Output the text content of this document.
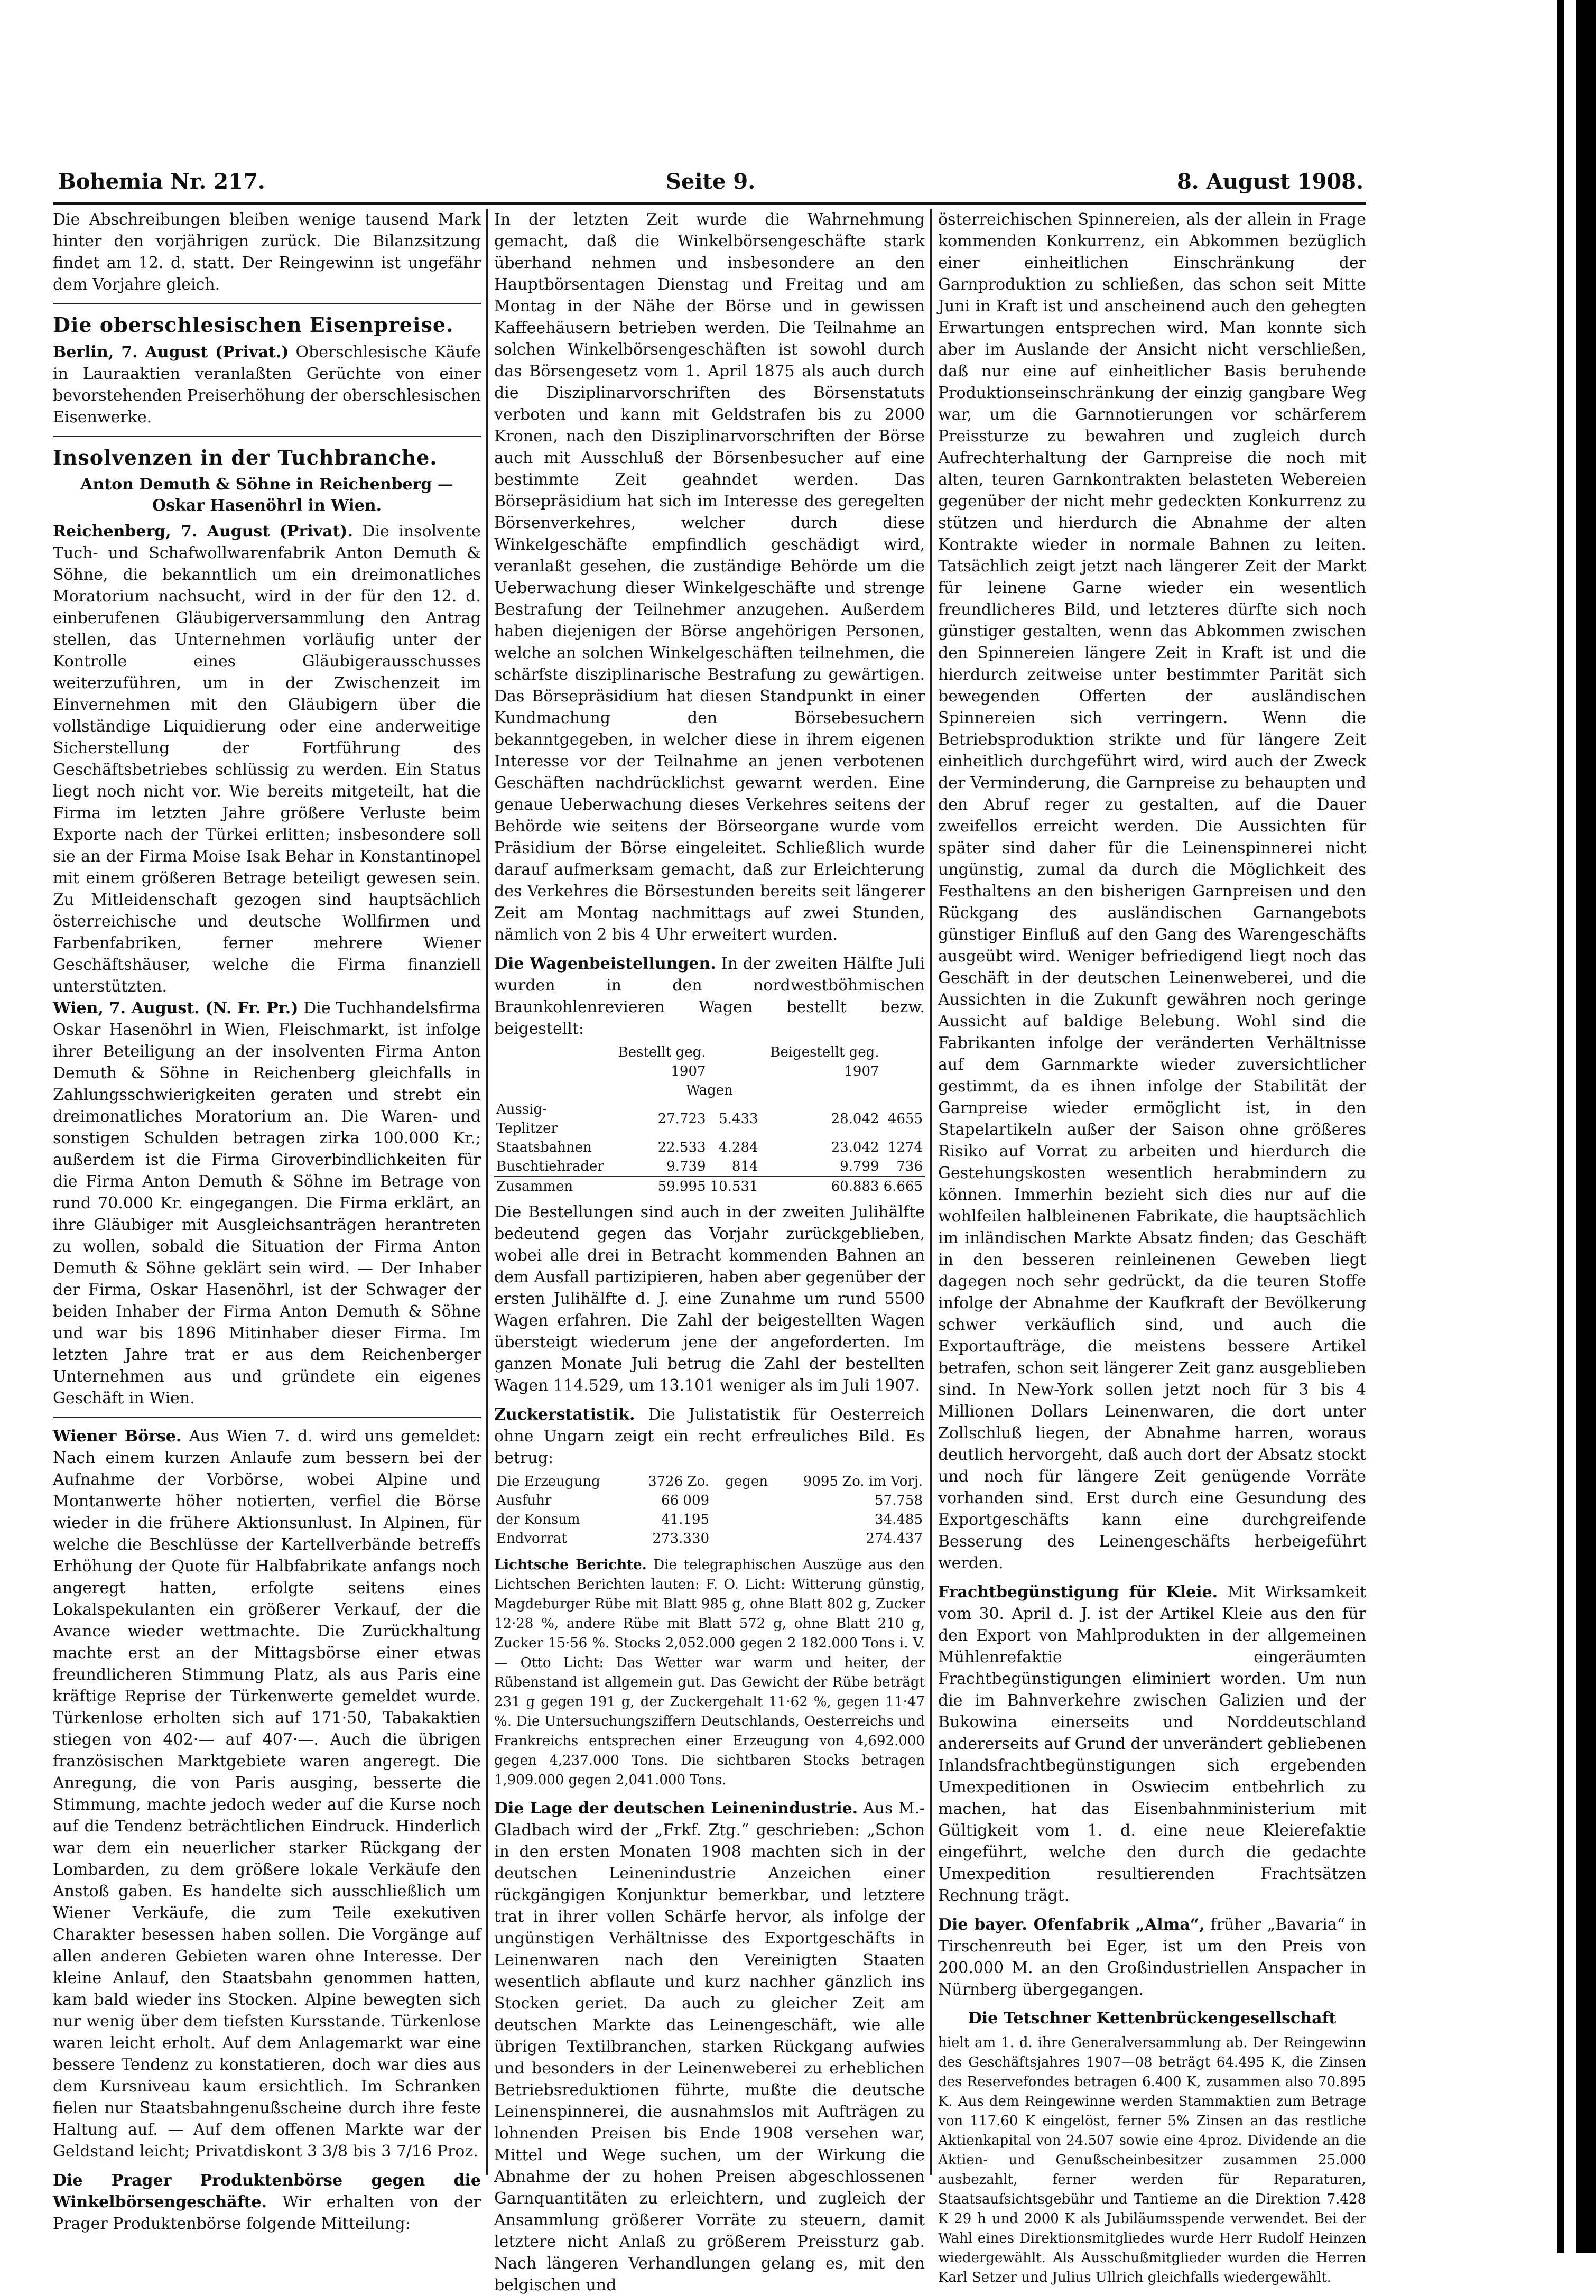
Bohemia Nr. 217.	Seite 9.	8. August 1908.

Die Abschreibungen bleiben wenige tausend Mark hinter den vorjährigen zurück. Die Bilanzsitzung findet am 12. d. statt. Der Reingewinn ist ungefähr dem Vorjahre gleich.

Die oberschlesischen Eisenpreise.

Berlin, 7. August (Privat.) Oberschlesische Käufe in Lauraaktien veranlaßten Gerüchte von einer bevorstehenden Preiserhöhung der oberschlesischen Eisenwerke.

Insolvenzen in der Tuchbranche.
Anton Demuth & Söhne in Reichenberg — Oskar Hasenöhrl in Wien.

Reichenberg, 7. August (Privat). Die insolvente Tuch- und Schafwollwarenfabrik Anton Demuth & Söhne, die bekanntlich um ein dreimonatliches Moratorium nachsucht, wird in der für den 12. d. einberufenen Gläubigerversammlung den Antrag stellen, das Unternehmen vorläufig unter der Kontrolle eines Gläubigerausschusses weiterzuführen, um in der Zwischenzeit im Einvernehmen mit den Gläubigern über die vollständige Liquidierung oder eine anderweitige Sicherstellung der Fortführung des Geschäftsbetriebes schlüssig zu werden. Ein Status liegt noch nicht vor. Wie bereits mitgeteilt, hat die Firma im letzten Jahre größere Verluste beim Exporte nach der Türkei erlitten; insbesondere soll sie an der Firma Moise Isak Behar in Konstantinopel mit einem größeren Betrage beteiligt gewesen sein. Zu Mitleidenschaft gezogen sind hauptsächlich österreichische und deutsche Wollfirmen und Farbenfabriken, ferner mehrere Wiener Geschäftshäuser, welche die Firma finanziell unterstützten.

Wien, 7. August. (N. Fr. Pr.) Die Tuchhandelsfirma Oskar Hasenöhrl in Wien, Fleischmarkt, ist infolge ihrer Beteiligung an der insolventen Firma Anton Demuth & Söhne in Reichenberg gleichfalls in Zahlungsschwierigkeiten geraten und strebt ein dreimonatliches Moratorium an. Die Waren- und sonstigen Schulden betragen zirka 100.000 Kr.; außerdem ist die Firma Giroverbindlichkeiten für die Firma Anton Demuth & Söhne im Betrage von rund 70.000 Kr. eingegangen. Die Firma erklärt, an ihre Gläubiger mit Ausgleichsanträgen herantreten zu wollen, sobald die Situation der Firma Anton Demuth & Söhne geklärt sein wird. — Der Inhaber der Firma, Oskar Hasenöhrl, ist der Schwager der beiden Inhaber der Firma Anton Demuth & Söhne und war bis 1896 Mitinhaber dieser Firma. Im letzten Jahre trat er aus dem Reichenberger Unternehmen aus und gründete ein eigenes Geschäft in Wien.

Wiener Börse. Aus Wien 7. d. wird uns gemeldet: Nach einem kurzen Anlaufe zum bessern bei der Aufnahme der Vorbörse, wobei Alpine und Montanwerte höher notierten, verfiel die Börse wieder in die frühere Aktionsunlust. In Alpinen, für welche die Beschlüsse der Kartellverbände betreffs Erhöhung der Quote für Halbfabrikate anfangs noch angeregt hatten, erfolgte seitens eines Lokalspekulanten ein größerer Verkauf, der die Avance wieder wettmachte. Die Zurückhaltung machte erst an der Mittagsbörse einer etwas freundlicheren Stimmung Platz, als aus Paris eine kräftige Reprise der Türkenwerte gemeldet wurde. Türkenlose erholten sich auf 171·50, Tabakaktien stiegen von 402·— auf 407·—. Auch die übrigen französischen Marktgebiete waren angeregt. Die Anregung, die von Paris ausging, besserte die Stimmung, machte jedoch weder auf die Kurse noch auf die Tendenz beträchtlichen Eindruck. Hinderlich war dem ein neuerlicher starker Rückgang der Lombarden, zu dem größere lokale Verkäufe den Anstoß gaben. Es handelte sich ausschließlich um Wiener Verkäufe, die zum Teile exekutiven Charakter besessen haben sollen. Die Vorgänge auf allen anderen Gebieten waren ohne Interesse. Der kleine Anlauf, den Staatsbahn genommen hatten, kam bald wieder ins Stocken. Alpine bewegten sich nur wenig über dem tiefsten Kursstande. Türkenlose waren leicht erholt. Auf dem Anlagemarkt war eine bessere Tendenz zu konstatieren, doch war dies aus dem Kursniveau kaum ersichtlich. Im Schranken fielen nur Staatsbahngenußscheine durch ihre feste Haltung auf. — Auf dem offenen Markte war der Geldstand leicht; Privatdiskont 3 3/8 bis 3 7/16 Proz.

Die Prager Produktenbörse gegen die Winkelbörsengeschäfte. Wir erhalten von der Prager Produktenbörse folgende Mitteilung:

In der letzten Zeit wurde die Wahrnehmung gemacht, daß die Winkelbörsengeschäfte stark überhand nehmen und insbesondere an den Hauptbörsentagen Dienstag und Freitag und am Montag in der Nähe der Börse und in gewissen Kaffeehäusern betrieben werden. Die Teilnahme an solchen Winkelbörsengeschäften ist sowohl durch das Börsengesetz vom 1. April 1875 als auch durch die Disziplinarvorschriften des Börsenstatuts verboten und kann mit Geldstrafen bis zu 2000 Kronen, nach den Disziplinarvorschriften der Börse auch mit Ausschluß der Börsenbesucher auf eine bestimmte Zeit geahndet werden. Das Börsepräsidium hat sich im Interesse des geregelten Börsenverkehres, welcher durch diese Winkelgeschäfte empfindlich geschädigt wird, veranlaßt gesehen, die zuständige Behörde um die Ueberwachung dieser Winkelgeschäfte und strenge Bestrafung der Teilnehmer anzugehen. Außerdem haben diejenigen der Börse angehörigen Personen, welche an solchen Winkelgeschäften teilnehmen, die schärfste disziplinarische Bestrafung zu gewärtigen. Das Börsepräsidium hat diesen Standpunkt in einer Kundmachung den Börsebesuchern bekanntgegeben, in welcher diese in ihrem eigenen Interesse vor der Teilnahme an jenen verbotenen Geschäften nachdrücklichst gewarnt werden. Eine genaue Ueberwachung dieses Verkehres seitens der Behörde wie seitens der Börseorgane wurde vom Präsidium der Börse eingeleitet. Schließlich wurde darauf aufmerksam gemacht, daß zur Erleichterung des Verkehres die Börsestunden bereits seit längerer Zeit am Montag nachmittags auf zwei Stunden, nämlich von 2 bis 4 Uhr erweitert wurden.

Die Wagenbeistellungen. In der zweiten Hälfte Juli wurden in den nordwestböhmischen Braunkohlenrevieren Wagen bestellt bezw. beigestellt:

	Bestellt geg. 1907		Beigestellt geg. 1907	
Wagen				
Aussig-Teplitzer	27.723	5.433	28.042	4655
Staatsbahnen	22.533	4.284	23.042	1274
Buschtiehrader	9.739	814	9.799	736
Zusammen	59.995	10.531	60.883	6.665

Die Bestellungen sind auch in der zweiten Julihälfte bedeutend gegen das Vorjahr zurückgeblieben, wobei alle drei in Betracht kommenden Bahnen an dem Ausfall partizipieren, haben aber gegenüber der ersten Julihälfte d. J. eine Zunahme um rund 5500 Wagen erfahren. Die Zahl der beigestellten Wagen übersteigt wiederum jene der angeforderten. Im ganzen Monate Juli betrug die Zahl der bestellten Wagen 114.529, um 13.101 weniger als im Juli 1907.

Zuckerstatistik. Die Julistatistik für Oesterreich ohne Ungarn zeigt ein recht erfreuliches Bild. Es betrug:

Die Erzeugung	3726 Zo.	gegen	9095 Zo. im Vorj.
Ausfuhr	66 009		57.758
der Konsum	41.195		34.485
Endvorrat	273.330		274.437

Lichtsche Berichte. Die telegraphischen Auszüge aus den Lichtschen Berichten lauten: F. O. Licht: Witterung günstig, Magdeburger Rübe mit Blatt 985 g, ohne Blatt 802 g, Zucker 12·28 %, andere Rübe mit Blatt 572 g, ohne Blatt 210 g, Zucker 15·56 %. Stocks 2,052.000 gegen 2 182.000 Tons i. V. — Otto Licht: Das Wetter war warm und heiter, der Rübenstand ist allgemein gut. Das Gewicht der Rübe beträgt 231 g gegen 191 g, der Zuckergehalt 11·62 %, gegen 11·47 %. Die Untersuchungsziffern Deutschlands, Oesterreichs und Frankreichs entsprechen einer Erzeugung von 4,692.000 gegen 4,237.000 Tons. Die sichtbaren Stocks betragen 1,909.000 gegen 2,041.000 Tons.

Die Lage der deutschen Leinenindustrie. Aus M.-Gladbach wird der „Frkf. Ztg.“ geschrieben: „Schon in den ersten Monaten 1908 machten sich in der deutschen Leinenindustrie Anzeichen einer rückgängigen Konjunktur bemerkbar, und letztere trat in ihrer vollen Schärfe hervor, als infolge der ungünstigen Verhältnisse des Exportgeschäfts in Leinenwaren nach den Vereinigten Staaten wesentlich abflaute und kurz nachher gänzlich ins Stocken geriet. Da auch zu gleicher Zeit am deutschen Markte das Leinengeschäft, wie alle übrigen Textilbranchen, starken Rückgang aufwies und besonders in der Leinenweberei zu erheblichen Betriebsreduktionen führte, mußte die deutsche Leinenspinnerei, die ausnahmslos mit Aufträgen zu lohnenden Preisen bis Ende 1908 versehen war, Mittel und Wege suchen, um der Wirkung die Abnahme der zu hohen Preisen abgeschlossenen Garnquantitäten zu erleichtern, und zugleich der Ansammlung größerer Vorräte zu steuern, damit letztere nicht Anlaß zu größerem Preissturz gab. Nach längeren Verhandlungen gelang es, mit den belgischen und

österreichischen Spinnereien, als der allein in Frage kommenden Konkurrenz, ein Abkommen bezüglich einer einheitlichen Einschränkung der Garnproduktion zu schließen, das schon seit Mitte Juni in Kraft ist und anscheinend auch den gehegten Erwartungen entsprechen wird. Man konnte sich aber im Auslande der Ansicht nicht verschließen, daß nur eine auf einheitlicher Basis beruhende Produktionseinschränkung der einzig gangbare Weg war, um die Garnnotierungen vor schärferem Preissturze zu bewahren und zugleich durch Aufrechterhaltung der Garnpreise die noch mit alten, teuren Garnkontrakten belasteten Webereien gegenüber der nicht mehr gedeckten Konkurrenz zu stützen und hierdurch die Abnahme der alten Kontrakte wieder in normale Bahnen zu leiten. Tatsächlich zeigt jetzt nach längerer Zeit der Markt für leinene Garne wieder ein wesentlich freundlicheres Bild, und letzteres dürfte sich noch günstiger gestalten, wenn das Abkommen zwischen den Spinnereien längere Zeit in Kraft ist und die hierdurch zeitweise unter bestimmter Parität sich bewegenden Offerten der ausländischen Spinnereien sich verringern. Wenn die Betriebsproduktion strikte und für längere Zeit einheitlich durchgeführt wird, wird auch der Zweck der Verminderung, die Garnpreise zu behaupten und den Abruf reger zu gestalten, auf die Dauer zweifellos erreicht werden. Die Aussichten für später sind daher für die Leinenspinnerei nicht ungünstig, zumal da durch die Möglichkeit des Festhaltens an den bisherigen Garnpreisen und den Rückgang des ausländischen Garnangebots günstiger Einfluß auf den Gang des Warengeschäfts ausgeübt wird. Weniger befriedigend liegt noch das Geschäft in der deutschen Leinenweberei, und die Aussichten in die Zukunft gewähren noch geringe Aussicht auf baldige Belebung. Wohl sind die Fabrikanten infolge der veränderten Verhältnisse auf dem Garnmarkte wieder zuversichtlicher gestimmt, da es ihnen infolge der Stabilität der Garnpreise wieder ermöglicht ist, in den Stapelartikeln außer der Saison ohne größeres Risiko auf Vorrat zu arbeiten und hierdurch die Gestehungskosten wesentlich herabmindern zu können. Immerhin bezieht sich dies nur auf die wohlfeilen halbleinenen Fabrikate, die hauptsächlich im inländischen Markte Absatz finden; das Geschäft in den besseren reinleinenen Geweben liegt dagegen noch sehr gedrückt, da die teuren Stoffe infolge der Abnahme der Kaufkraft der Bevölkerung schwer verkäuflich sind, und auch die Exportaufträge, die meistens bessere Artikel betrafen, schon seit längerer Zeit ganz ausgeblieben sind. In New-York sollen jetzt noch für 3 bis 4 Millionen Dollars Leinenwaren, die dort unter Zollschluß liegen, der Abnahme harren, woraus deutlich hervorgeht, daß auch dort der Absatz stockt und noch für längere Zeit genügende Vorräte vorhanden sind. Erst durch eine Gesundung des Exportgeschäfts kann eine durchgreifende Besserung des Leinengeschäfts herbeigeführt werden.

Frachtbegünstigung für Kleie. Mit Wirksamkeit vom 30. April d. J. ist der Artikel Kleie aus den für den Export von Mahlprodukten in der allgemeinen Mühlenrefaktie eingeräumten Frachtbegünstigungen eliminiert worden. Um nun die im Bahnverkehre zwischen Galizien und der Bukowina einerseits und Norddeutschland andererseits auf Grund der unverändert gebliebenen Inlandsfrachtbegünstigungen sich ergebenden Umexpeditionen in Oswiecim entbehrlich zu machen, hat das Eisenbahnministerium mit Gültigkeit vom 1. d. eine neue Kleierefaktie eingeführt, welche den durch die gedachte Umexpedition resultierenden Frachtsätzen Rechnung trägt.

Die bayer. Ofenfabrik „Alma“, früher „Bavaria“ in Tirschenreuth bei Eger, ist um den Preis von 200.000 M. an den Großindustriellen Anspacher in Nürnberg übergegangen.

Die Tetschner Kettenbrückengesellschaft

hielt am 1. d. ihre Generalversammlung ab. Der Reingewinn des Geschäftsjahres 1907—08 beträgt 64.495 K, die Zinsen des Reservefondes betragen 6.400 K, zusammen also 70.895 K. Aus dem Reingewinne werden Stammaktien zum Betrage von 117.60 K eingelöst, ferner 5% Zinsen an das restliche Aktienkapital von 24.507 sowie eine 4proz. Dividende an die Aktien- und Genußscheinbesitzer zusammen 25.000 ausbezahlt, ferner werden für Reparaturen, Staatsaufsichtsgebühr und Tantieme an die Direktion 7.428 K 29 h und 2000 K als Jubiläumsspende verwendet. Bei der Wahl eines Direktionsmitgliedes wurde Herr Rudolf Heinzen wiedergewählt. Als Ausschußmitglieder wurden die Herren Karl Setzer und Julius Ullrich gleichfalls wiedergewählt.
